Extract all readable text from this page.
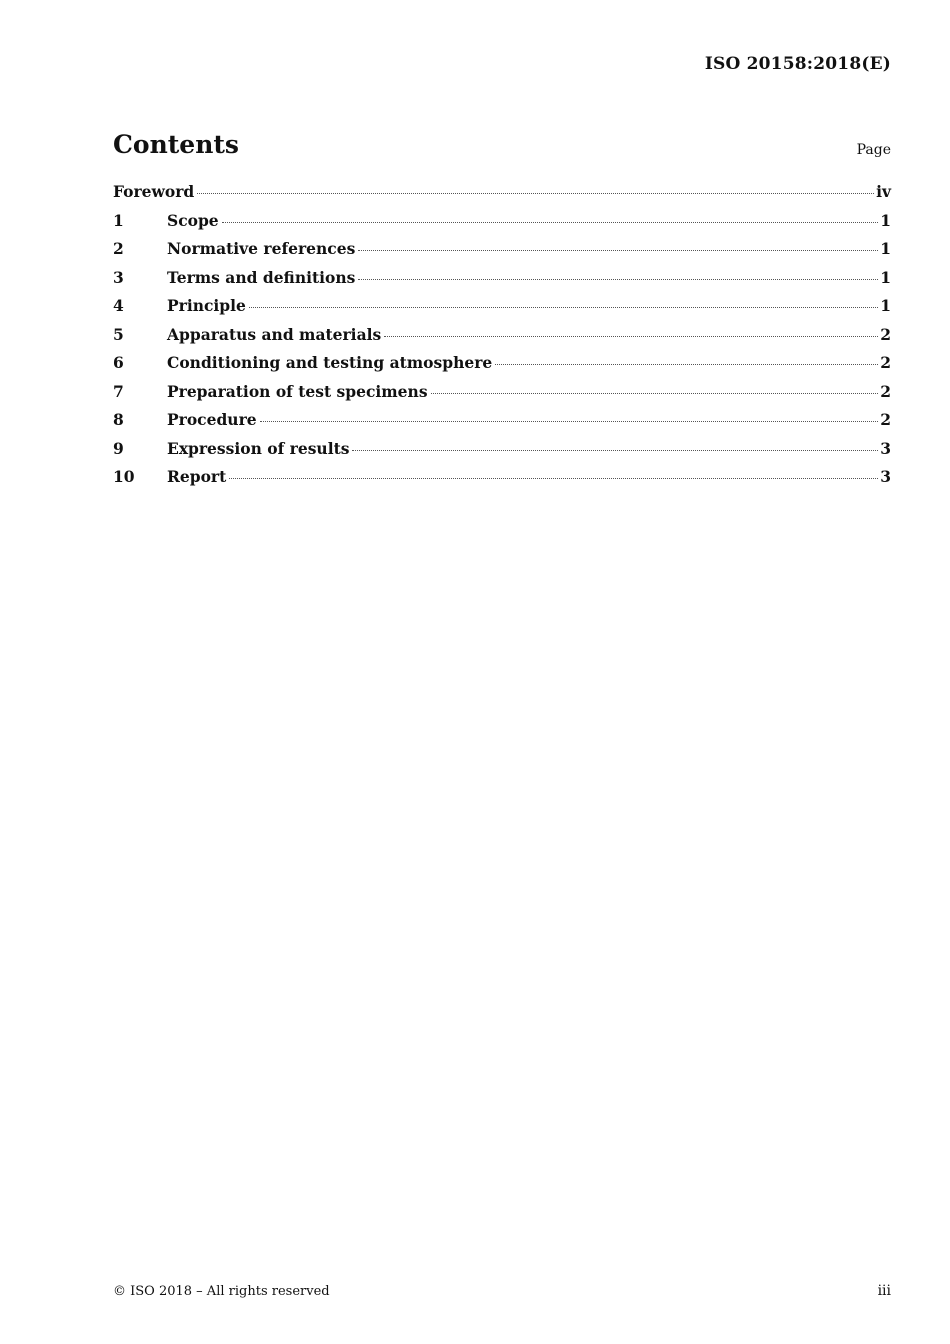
ISO 20158:2018(E)
Contents	Page
Foreword	iv
1	Scope	1
2	Normative references	1
3	Terms and definitions	1
4	Principle	1
5	Apparatus and materials	2
6	Conditioning and testing atmosphere	2
7	Preparation of test specimens	2
8	Procedure	2
9	Expression of results	3
10	Report	3
© ISO 2018 – All rights reserved	iii
